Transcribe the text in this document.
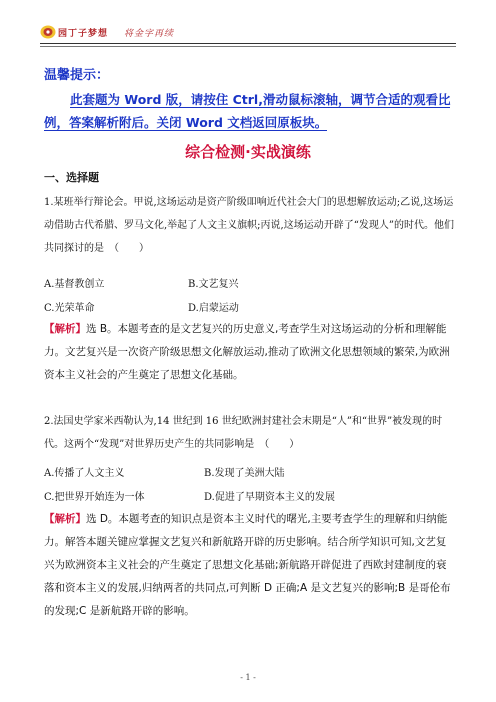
园丁子梦想 将金字再续
温馨提示：
此套题为 Word 版，请按住 Ctrl,滑动鼠标滚轴，调节合适的观看比例，答案解析附后。关闭 Word 文档返回原板块。
综合检测·实战演练
一、选择题
1.某班举行辩论会。甲说,这场运动是资产阶级吅响近代社会大门的思想解放运动;乙说,这场运动借助古代希腊、罗马文化,举起了人文主义旗帜;丙说,这场运动开辟了“发现人”的时代。他们共同探讨的是　（　　）
A.基督教创立	B.文艺复兴
C.光荣革命	D.启蒙运动
【解析】选 B。本题考查的是文艺复兴的历史意义,考查学生对这场运动的分析和理解能力。文艺复兴是一次资产阶级思想文化解放运动,推动了欧洲文化思想领域的繁荣,为欧洲资本主义社会的产生奠定了思想文化基础。
2.法国史学家米西勒认为,14 世纪到 16 世纪欧洲封建社会末期是“人”和“世界”被发现的时代。这两个“发现”对世界历史产生的共同影响是　（　　）
A.传播了人文主义	B.发现了美洲大陆
C.把世界开始连为一体	D.促进了早期资本主义的发展
【解析】选 D。本题考查的知识点是资本主义时代的曙光,主要考查学生的理解和归纳能力。解答本题关键应掌握文艺复兴和新航路开辟的历史影响。结合所学知识可知,文艺复兴为欧洲资本主义社会的产生奠定了思想文化基础;新航路开辟促进了西欧封建制度的衰落和资本主义的发展,归纳两者的共同点,可判断 D 正确;A 是文艺复兴的影响;B 是哥伦布的发现;C 是新航路开辟的影响。
- 1 -
